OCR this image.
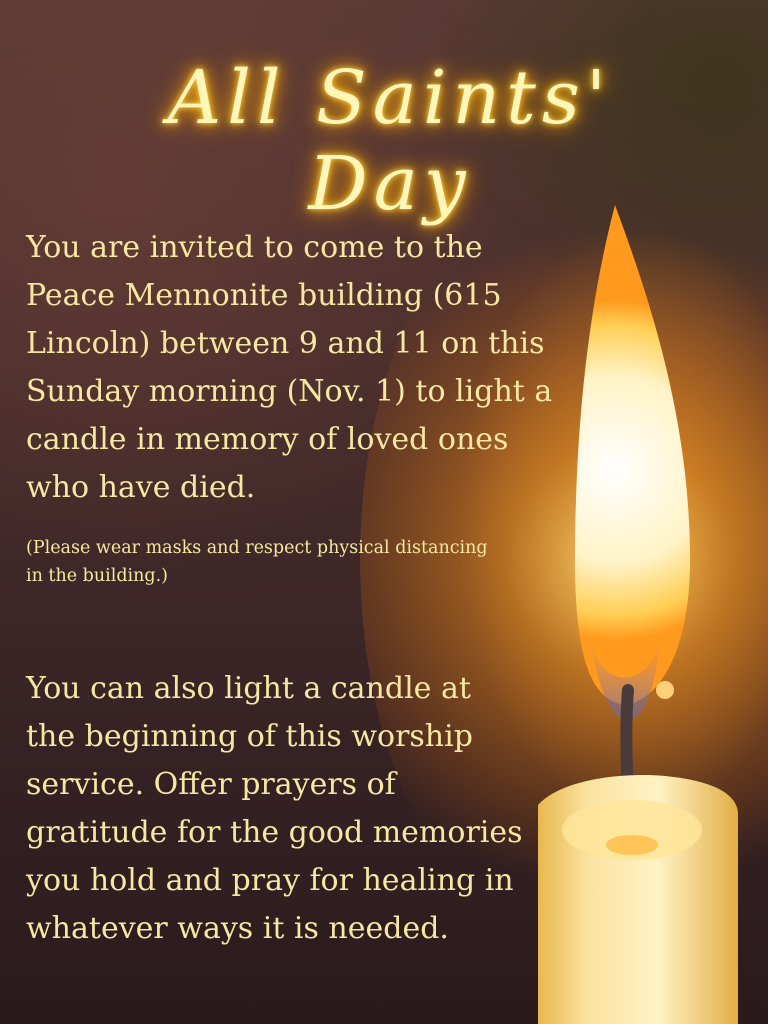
All Saints' Day

You are invited to come to the Peace Mennonite building (615 Lincoln) between 9 and 11 on this Sunday morning (Nov. 1) to light a candle in memory of loved ones who have died.

(Please wear masks and respect physical distancing in the building.)

You can also light a candle at the beginning of this worship service. Offer prayers of gratitude for the good memories you hold and pray for healing in whatever ways it is needed.
